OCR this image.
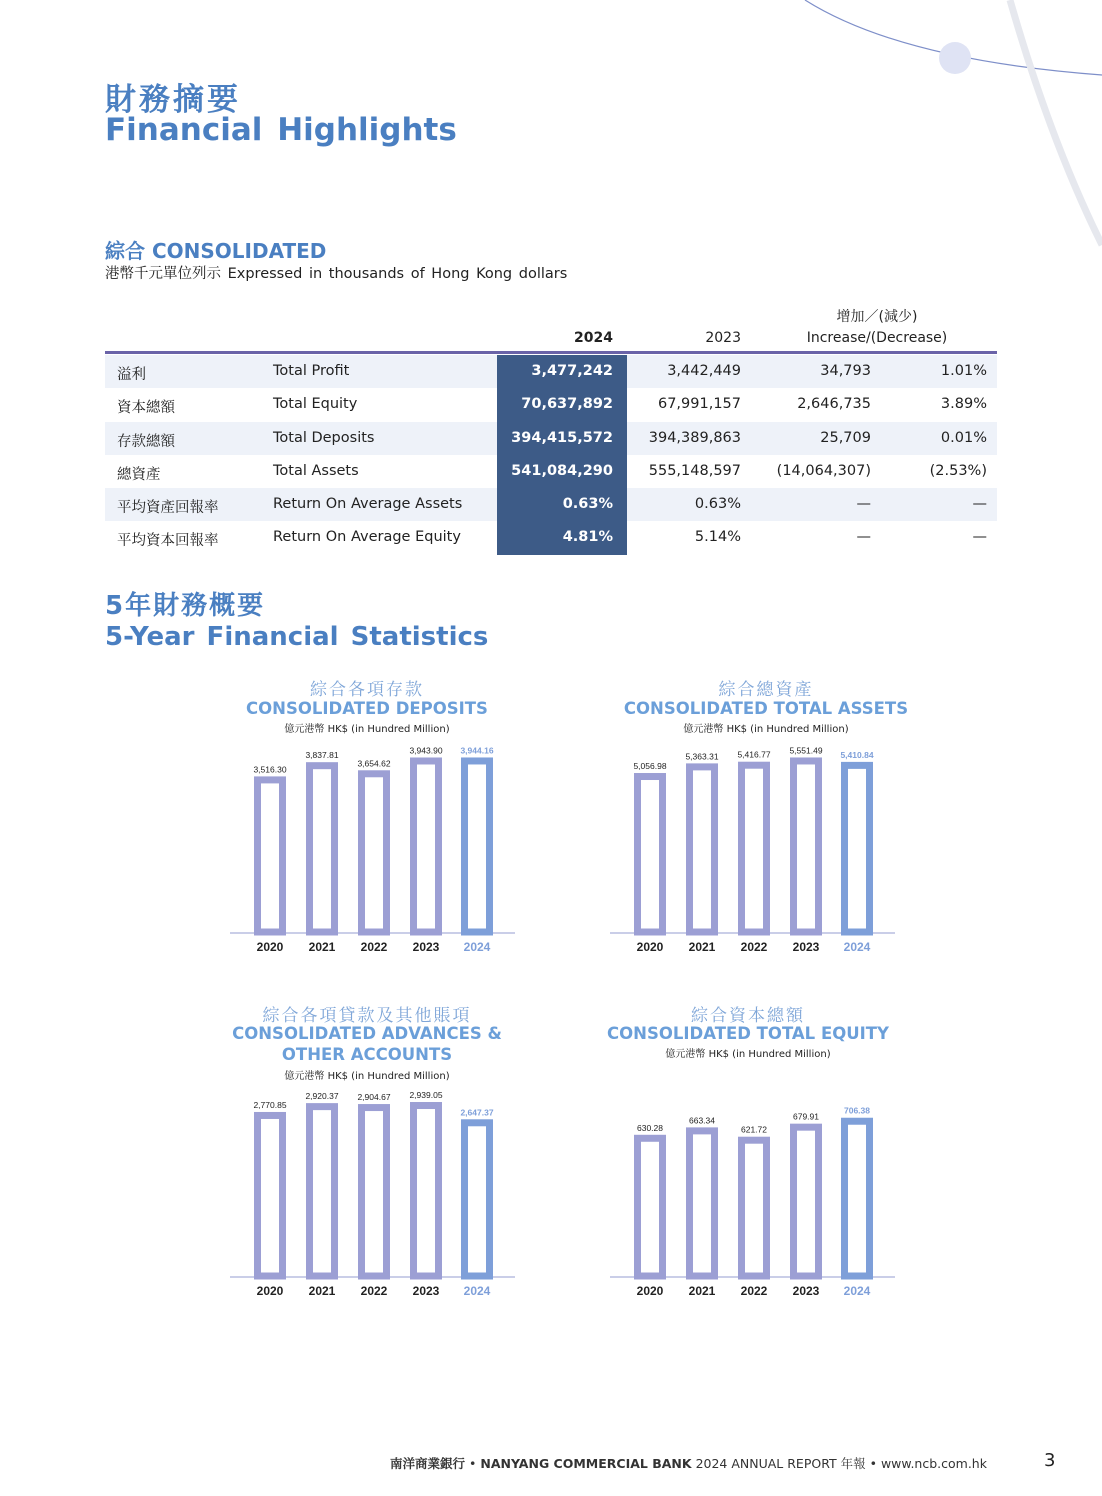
財務摘要
Financial Highlights
綜合 CONSOLIDATED
港幣千元單位列示 Expressed in thousands of Hong Kong dollars
2024	2023
增加／(減少)
Increase/(Decrease)
溢利	Total Profit	3,477,242	3,442,449	34,793	1.01%
資本總額	Total Equity	70,637,892	67,991,157	2,646,735	3.89%
存款總額	Total Deposits	394,415,572	394,389,863	25,709	0.01%
總資產	Total Assets	541,084,290	555,148,597	(14,064,307)	(2.53%)
平均資產回報率	Return On Average Assets	0.63%	0.63%	—	—
平均資本回報率	Return On Average Equity	4.81%	5.14%	—	—
5年財務概要
5-Year Financial Statistics
綜合各項存款
CONSOLIDATED DEPOSITS
億元港幣 HK$ (in Hundred Million)
3,516.30
2020
3,837.81
2021
3,654.62
2022
3,943.90
2023
3,944.16
2024
綜合總資產
CONSOLIDATED TOTAL ASSETS
億元港幣 HK$ (in Hundred Million)
5,056.98
2020
5,363.31
2021
5,416.77
2022
5,551.49
2023
5,410.84
2024
綜合各項貸款及其他賬項
CONSOLIDATED ADVANCES & OTHER ACCOUNTS
億元港幣 HK$ (in Hundred Million)
2,770.85
2020
2,920.37
2021
2,904.67
2022
2,939.05
2023
2,647.37
2024
綜合資本總額
CONSOLIDATED TOTAL EQUITY
億元港幣 HK$ (in Hundred Million)
630.28
2020
663.34
2021
621.72
2022
679.91
2023
706.38
2024
南洋商業銀行 • NANYANG COMMERCIAL BANK 2024 ANNUAL REPORT 年報 • www.ncb.com.hk	3
